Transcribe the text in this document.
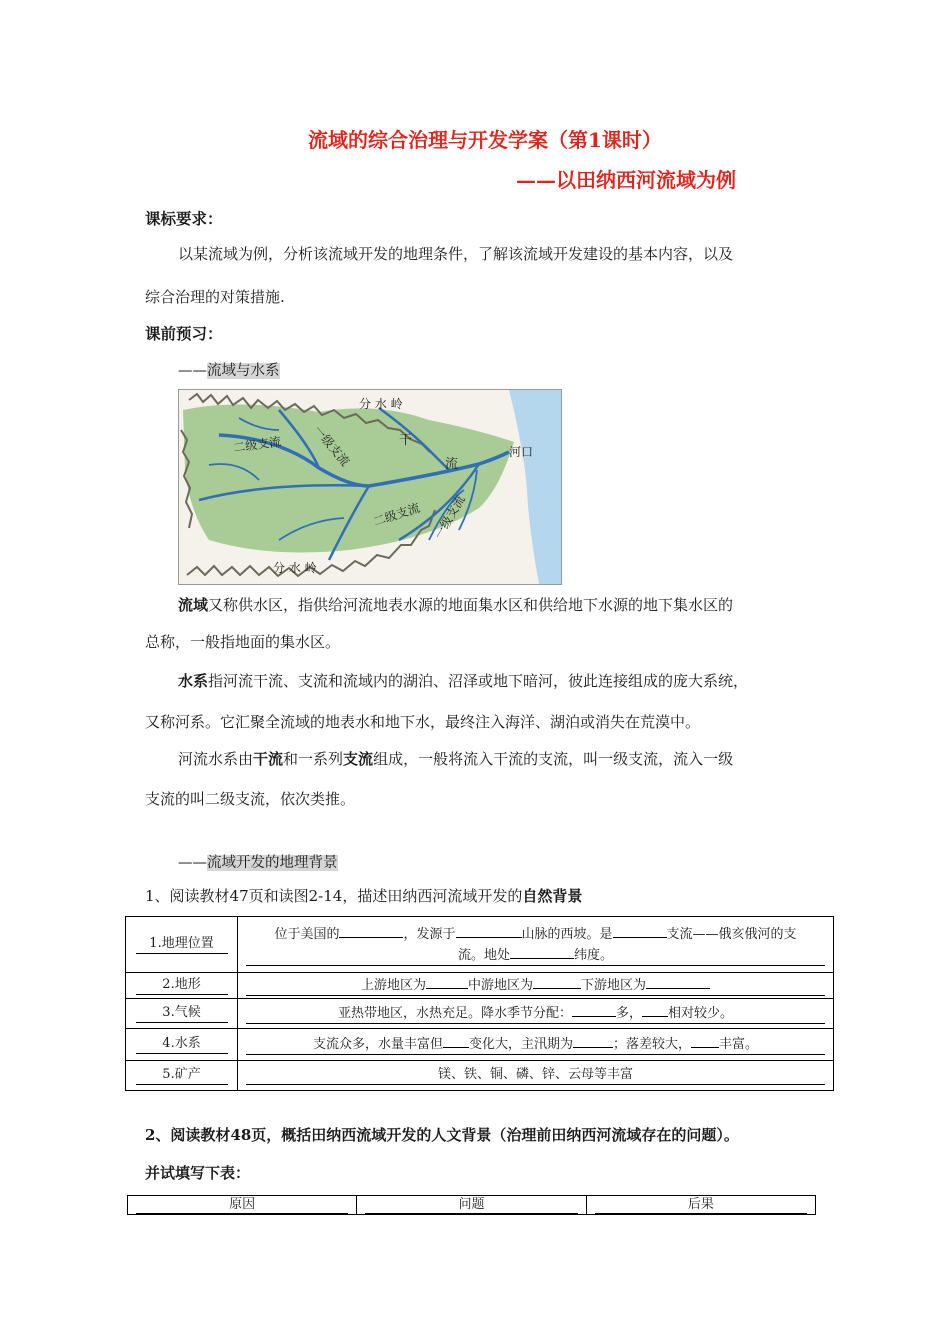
流域的综合治理与开发学案（第1课时）
——以田纳西河流域为例
课标要求：
以某流域为例，分析该流域开发的地理条件，了解该流域开发建设的基本内容，以及
综合治理的对策措施.
课前预习：
——流域与水系
分 水 岭
分 水 岭
二级支流 一级支流	干
流
河口
二级支流 一级支流
流域又称供水区，指供给河流地表水源的地面集水区和供给地下水源的地下集水区的
总称，一般指地面的集水区。
水系指河流干流、支流和流域内的湖泊、沼泽或地下暗河，彼此连接组成的庞大系统，
又称河系。它汇聚全流域的地表水和地下水，最终注入海洋、湖泊或消失在荒漠中。
河流水系由干流和一系列支流组成，一般将流入干流的支流，叫一级支流，流入一级
支流的叫二级支流，依次类推。
——流域开发的地理背景
1、阅读教材47页和读图2-14，描述田纳西河流域开发的自然背景
1.地理位置	位于美国的 ，发源于 山脉的西坡。是 支流——俄亥俄河的支
流。地处 纬度。

2.地形	上游地区为 中游地区为 下游地区为

3.气候	亚热带地区，水热充足。降水季节分配： 多， 相对较少。

4.水系	支流众多，水量丰富但 变化大，主汛期为 ；落差较大， 丰富。

5.矿产	镁、铁、铜、磷、锌、云母等丰富
2、阅读教材48页，概括田纳西流域开发的人文背景（治理前田纳西河流域存在的问题）。
并试填写下表：
原因	问题	后果
